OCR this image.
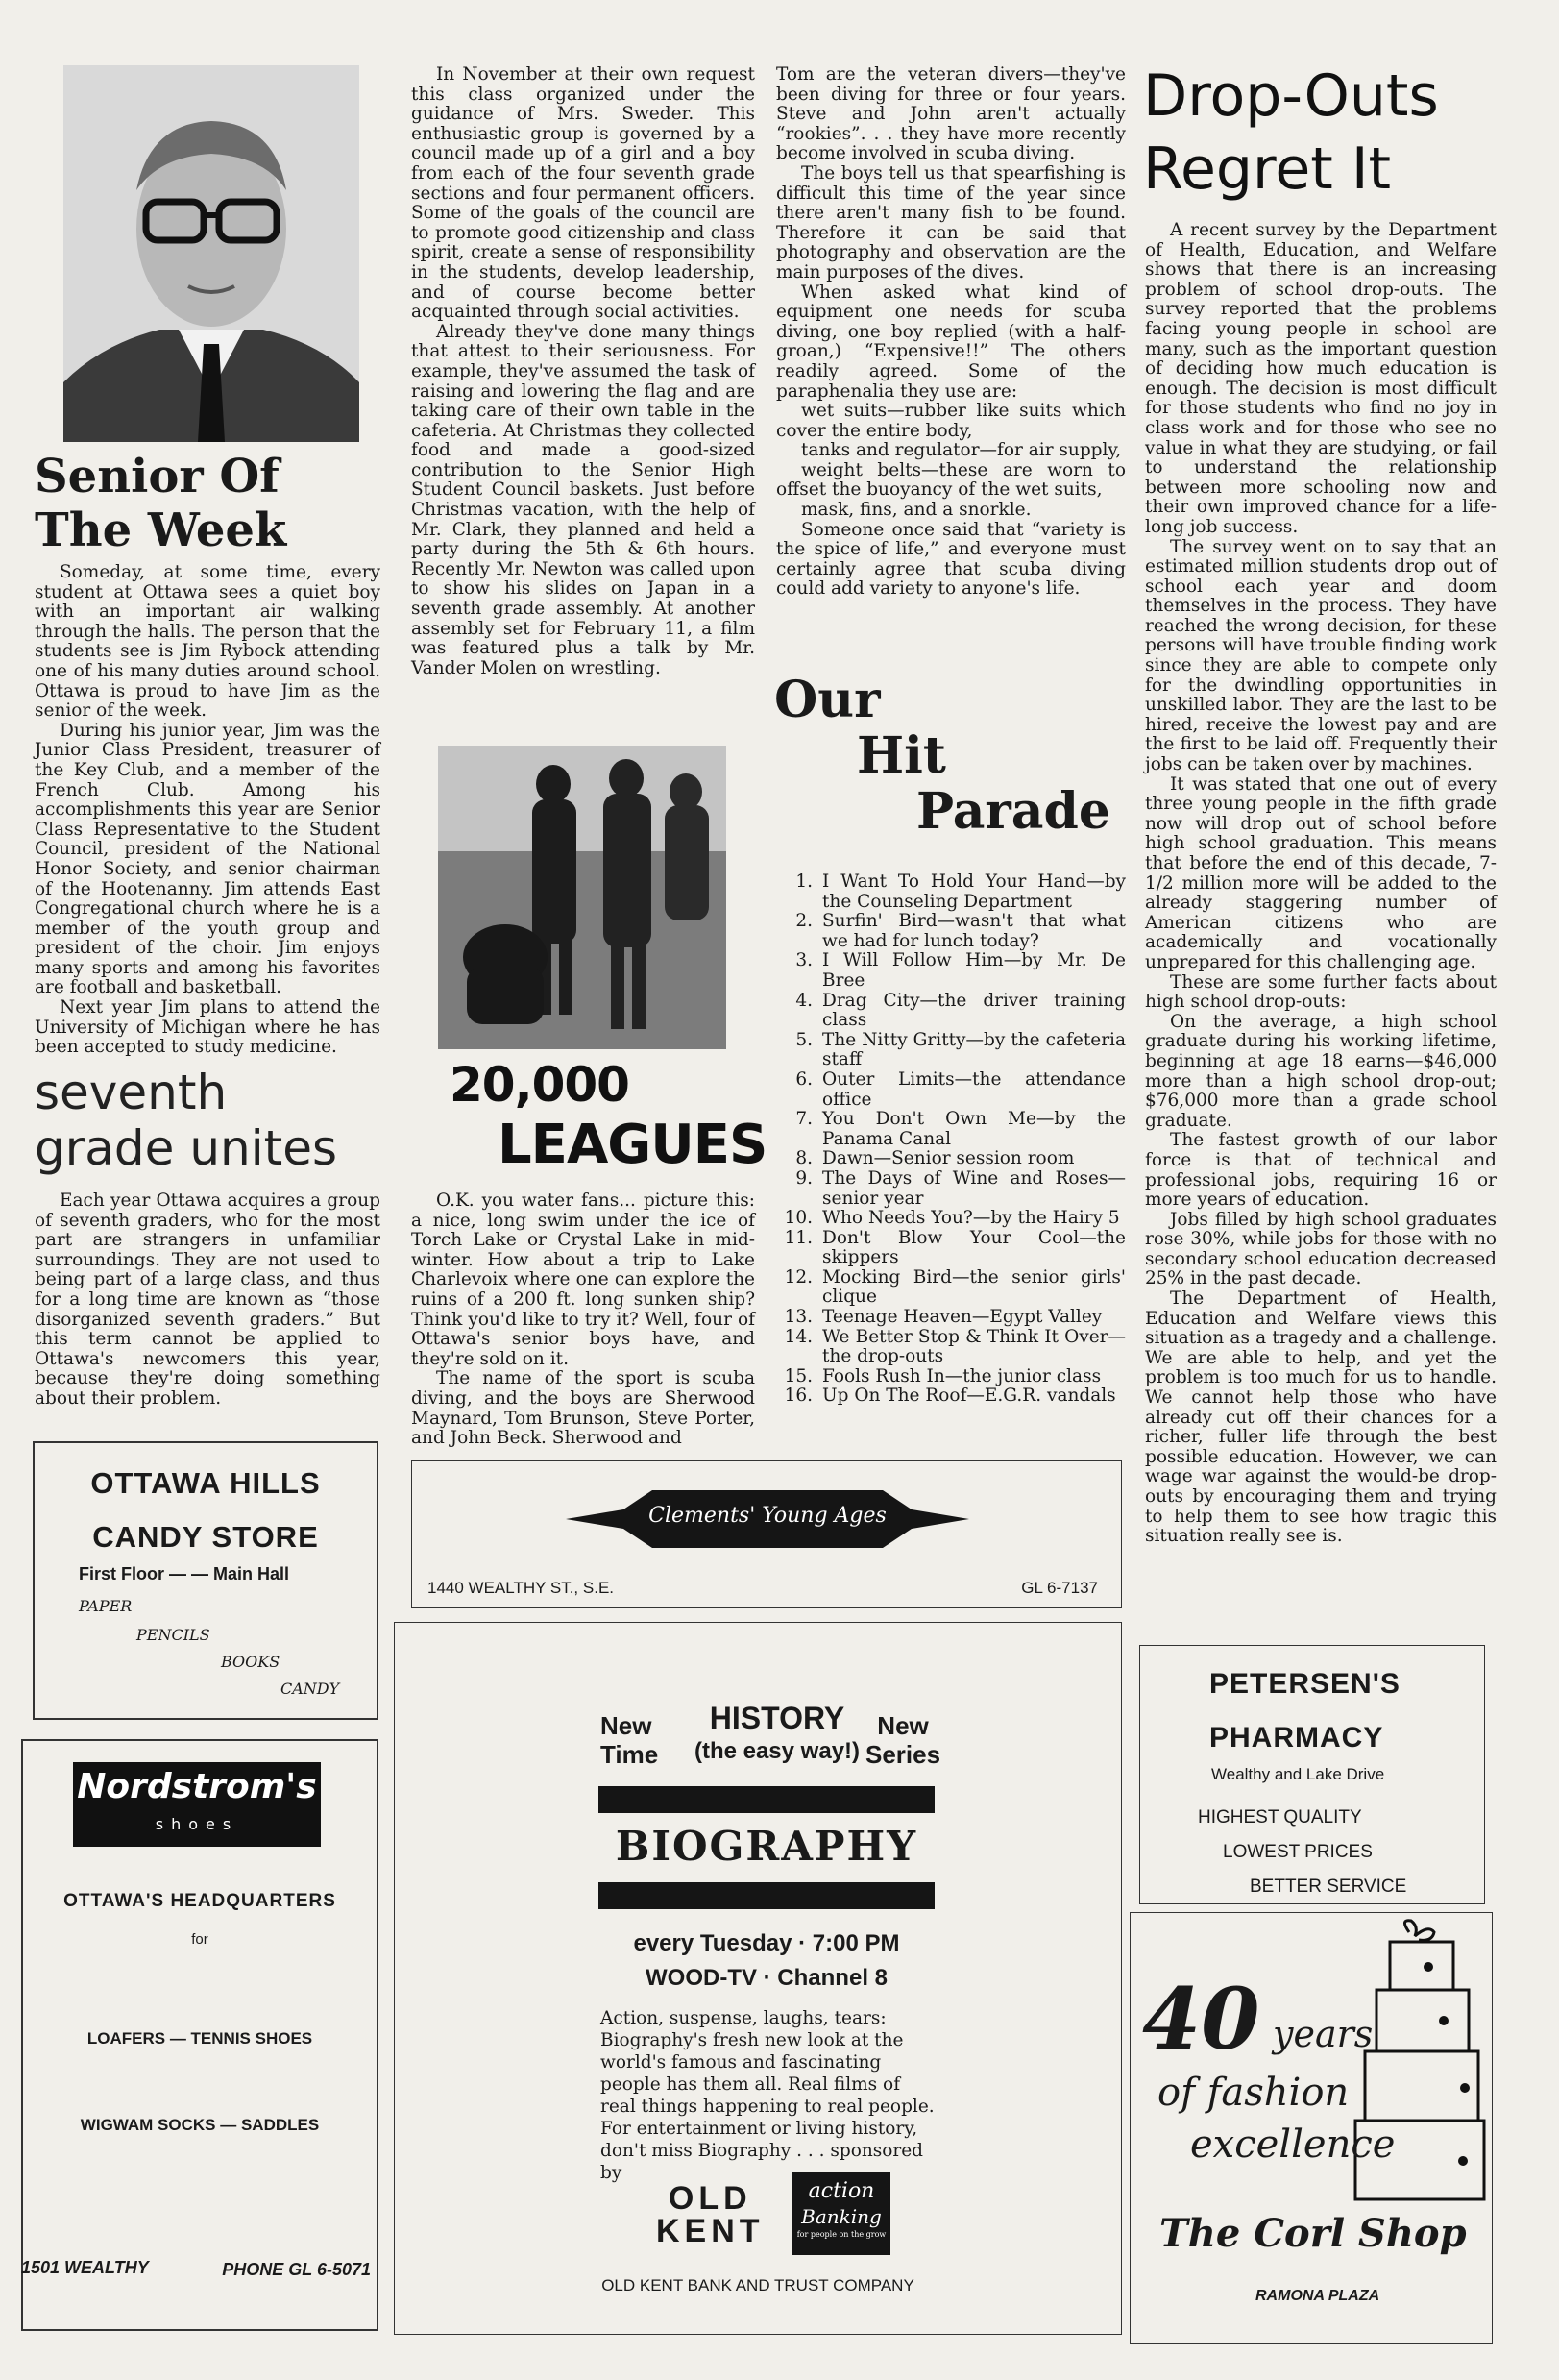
Senior Of
The Week

Someday, at some time, every student at Ottawa sees a quiet boy with an important air walking through the halls. The person that the students see is Jim Rybock attending one of his many duties around school. Ottawa is proud to have Jim as the senior of the week.

During his junior year, Jim was the Junior Class President, treasurer of the Key Club, and a member of the French Club. Among his accomplishments this year are Senior Class Representative to the Student Council, president of the National Honor Society, and senior chairman of the Hootenanny. Jim attends East Congregational church where he is a member of the youth group and president of the choir. Jim enjoys many sports and among his favorites are football and basketball.

Next year Jim plans to attend the University of Michigan where he has been accepted to study medicine.

seventh
grade unites

Each year Ottawa acquires a group of seventh graders, who for the most part are strangers in unfamiliar surroundings. They are not used to being part of a large class, and thus for a long time are known as “those disorganized seventh graders.” But this term cannot be applied to Ottawa's newcomers this year, because they're doing something about their problem.

OTTAWA HILLS
CANDY STORE
First Floor — — Main Hall
PAPER
PENCILS
BOOKS
CANDY
Nordstrom's
shoes
OTTAWA'S HEADQUARTERS
for
LOAFERS — TENNIS SHOES
WIGWAM SOCKS — SADDLES
1501 WEALTHY	PHONE GL 6-5071

In November at their own request this class organized under the guidance of Mrs. Sweder. This enthusiastic group is governed by a council made up of a girl and a boy from each of the four seventh grade sections and four permanent officers. Some of the goals of the council are to promote good citizenship and class spirit, create a sense of responsibility in the students, develop leadership, and of course become better acquainted through social activities.

Already they've done many things that attest to their seriousness. For example, they've assumed the task of raising and lowering the flag and are taking care of their own table in the cafeteria. At Christmas they collected food and made a good-sized contribution to the Senior High Student Council baskets. Just before Christmas vacation, with the help of Mr. Clark, they planned and held a party during the 5th & 6th hours. Recently Mr. Newton was called upon to show his slides on Japan in a seventh grade assembly. At another assembly set for February 11, a film was featured plus a talk by Mr. Vander Molen on wrestling.

20,000
LEAGUES

O.K. you water fans... picture this: a nice, long swim under the ice of Torch Lake or Crystal Lake in mid-winter. How about a trip to Lake Charlevoix where one can explore the ruins of a 200 ft. long sunken ship? Think you'd like to try it? Well, four of Ottawa's senior boys have, and they're sold on it.

The name of the sport is scuba diving, and the boys are Sherwood Maynard, Tom Brunson, Steve Porter, and John Beck. Sherwood and

Clements' Young Ages
1440 WEALTHY ST., S.E.	GL 6-7137
New
Time
HISTORY
(the easy way!)
New
Series
BIOGRAPHY
every Tuesday · 7:00 PM
WOOD-TV · Channel 8
Action, suspense, laughs, tears: Biography's fresh new look at the world's famous and fascinating people has them all. Real films of real things happening to real people. For entertainment or living history, don't miss Biography . . . sponsored by
OLD
KENT
action
Banking
for people on the grow
OLD KENT BANK AND TRUST COMPANY

Tom are the veteran divers—they've been diving for three or four years. Steve and John aren't actually “rookies”. . . they have more recently become involved in scuba diving.

The boys tell us that spearfishing is difficult this time of the year since there aren't many fish to be found. Therefore it can be said that photography and observation are the main purposes of the dives.

When asked what kind of equipment one needs for scuba diving, one boy replied (with a half-groan,) “Expensive!!” The others readily agreed. Some of the paraphenalia they use are:

wet suits—rubber like suits which cover the entire body,

tanks and regulator—for air supply,

weight belts—these are worn to offset the buoyancy of the wet suits,

mask, fins, and a snorkle.

Someone once said that “variety is the spice of life,” and everyone must certainly agree that scuba diving could add variety to anyone's life.

Our
Hit
Parade
1. I Want To Hold Your Hand—by the Counseling Department
2. Surfin' Bird—wasn't that what we had for lunch today?
3. I Will Follow Him—by Mr. De Bree
4. Drag City—the driver training class
5. The Nitty Gritty—by the cafeteria staff
6. Outer Limits—the attendance office
7. You Don't Own Me—by the Panama Canal
8. Dawn—Senior session room
9. The Days of Wine and Roses—senior year
10. Who Needs You?—by the Hairy 5
11. Don't Blow Your Cool—the skippers
12. Mocking Bird—the senior girls' clique
13. Teenage Heaven—Egypt Valley
14. We Better Stop & Think It Over—the drop-outs
15. Fools Rush In—the junior class
16. Up On The Roof—E.G.R. vandals
Drop-Outs
Regret It

A recent survey by the Department of Health, Education, and Welfare shows that there is an increasing problem of school drop-outs. The survey reported that the problems facing young people in school are many, such as the important question of deciding how much education is enough. The decision is most difficult for those students who find no joy in class work and for those who see no value in what they are studying, or fail to understand the relationship between more schooling now and their own improved chance for a life-long job success.

The survey went on to say that an estimated million students drop out of school each year and doom themselves in the process. They have reached the wrong decision, for these persons will have trouble finding work since they are able to compete only for the dwindling opportunities in unskilled labor. They are the last to be hired, receive the lowest pay and are the first to be laid off. Frequently their jobs can be taken over by machines.

It was stated that one out of every three young people in the fifth grade now will drop out of school before high school graduation. This means that before the end of this decade, 7-1/2 million more will be added to the already staggering number of American citizens who are academically and vocationally unprepared for this challenging age.

These are some further facts about high school drop-outs:

On the average, a high school graduate during his working lifetime, beginning at age 18 earns—$46,000 more than a high school drop-out; $76,000 more than a grade school graduate.

The fastest growth of our labor force is that of technical and professional jobs, requiring 16 or more years of education.

Jobs filled by high school graduates rose 30%, while jobs for those with no secondary school education decreased 25% in the past decade.

The Department of Health, Education and Welfare views this situation as a tragedy and a challenge. We are able to help, and yet the problem is too much for us to handle. We cannot help those who have already cut off their chances for a richer, fuller life through the best possible education. However, we can wage war against the would-be drop-outs by encouraging them and trying to help them to see how tragic this situation really see is.

PETERSEN'S
PHARMACY
Wealthy and Lake Drive
HIGHEST QUALITY
LOWEST PRICES
BETTER SERVICE
40 years
of fashion
excellence
The Corl Shop
RAMONA PLAZA
